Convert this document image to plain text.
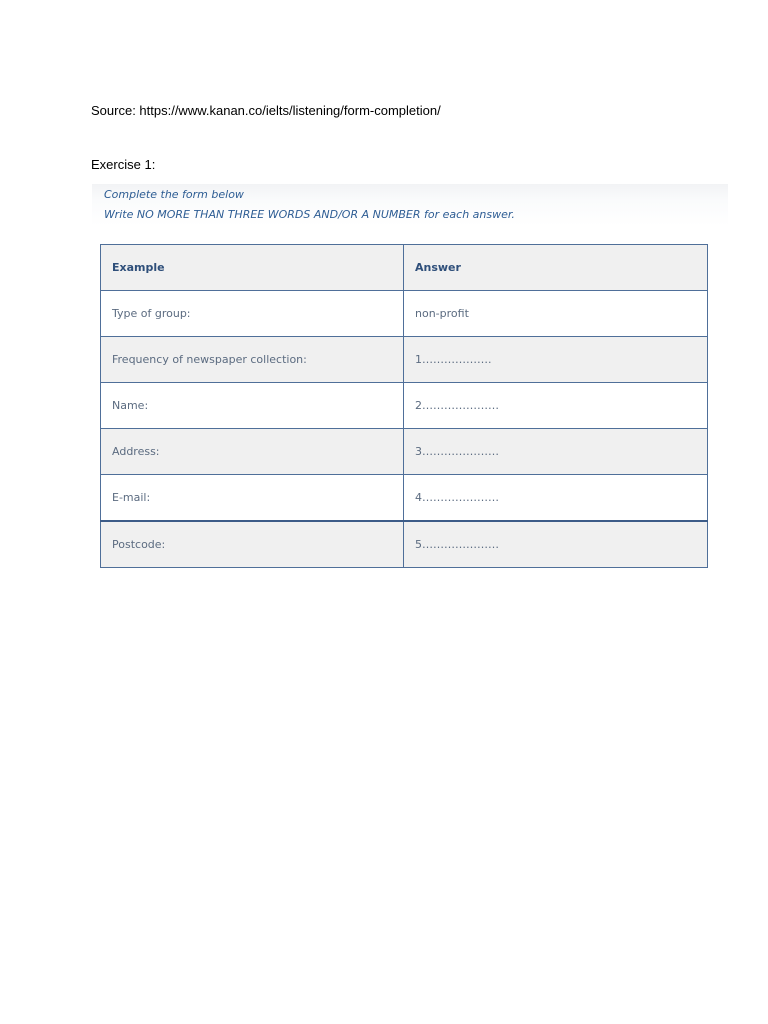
Source: https://www.kanan.co/ielts/listening/form-completion/
Exercise 1:
Complete the form below
Write NO MORE THAN THREE WORDS AND/OR A NUMBER for each answer.
Example	Answer
Type of group:	non-profit
Frequency of newspaper collection:	1……………….
Name:	2…………………
Address:	3…………………
E-mail:	4…………………
Postcode:	5…………………
